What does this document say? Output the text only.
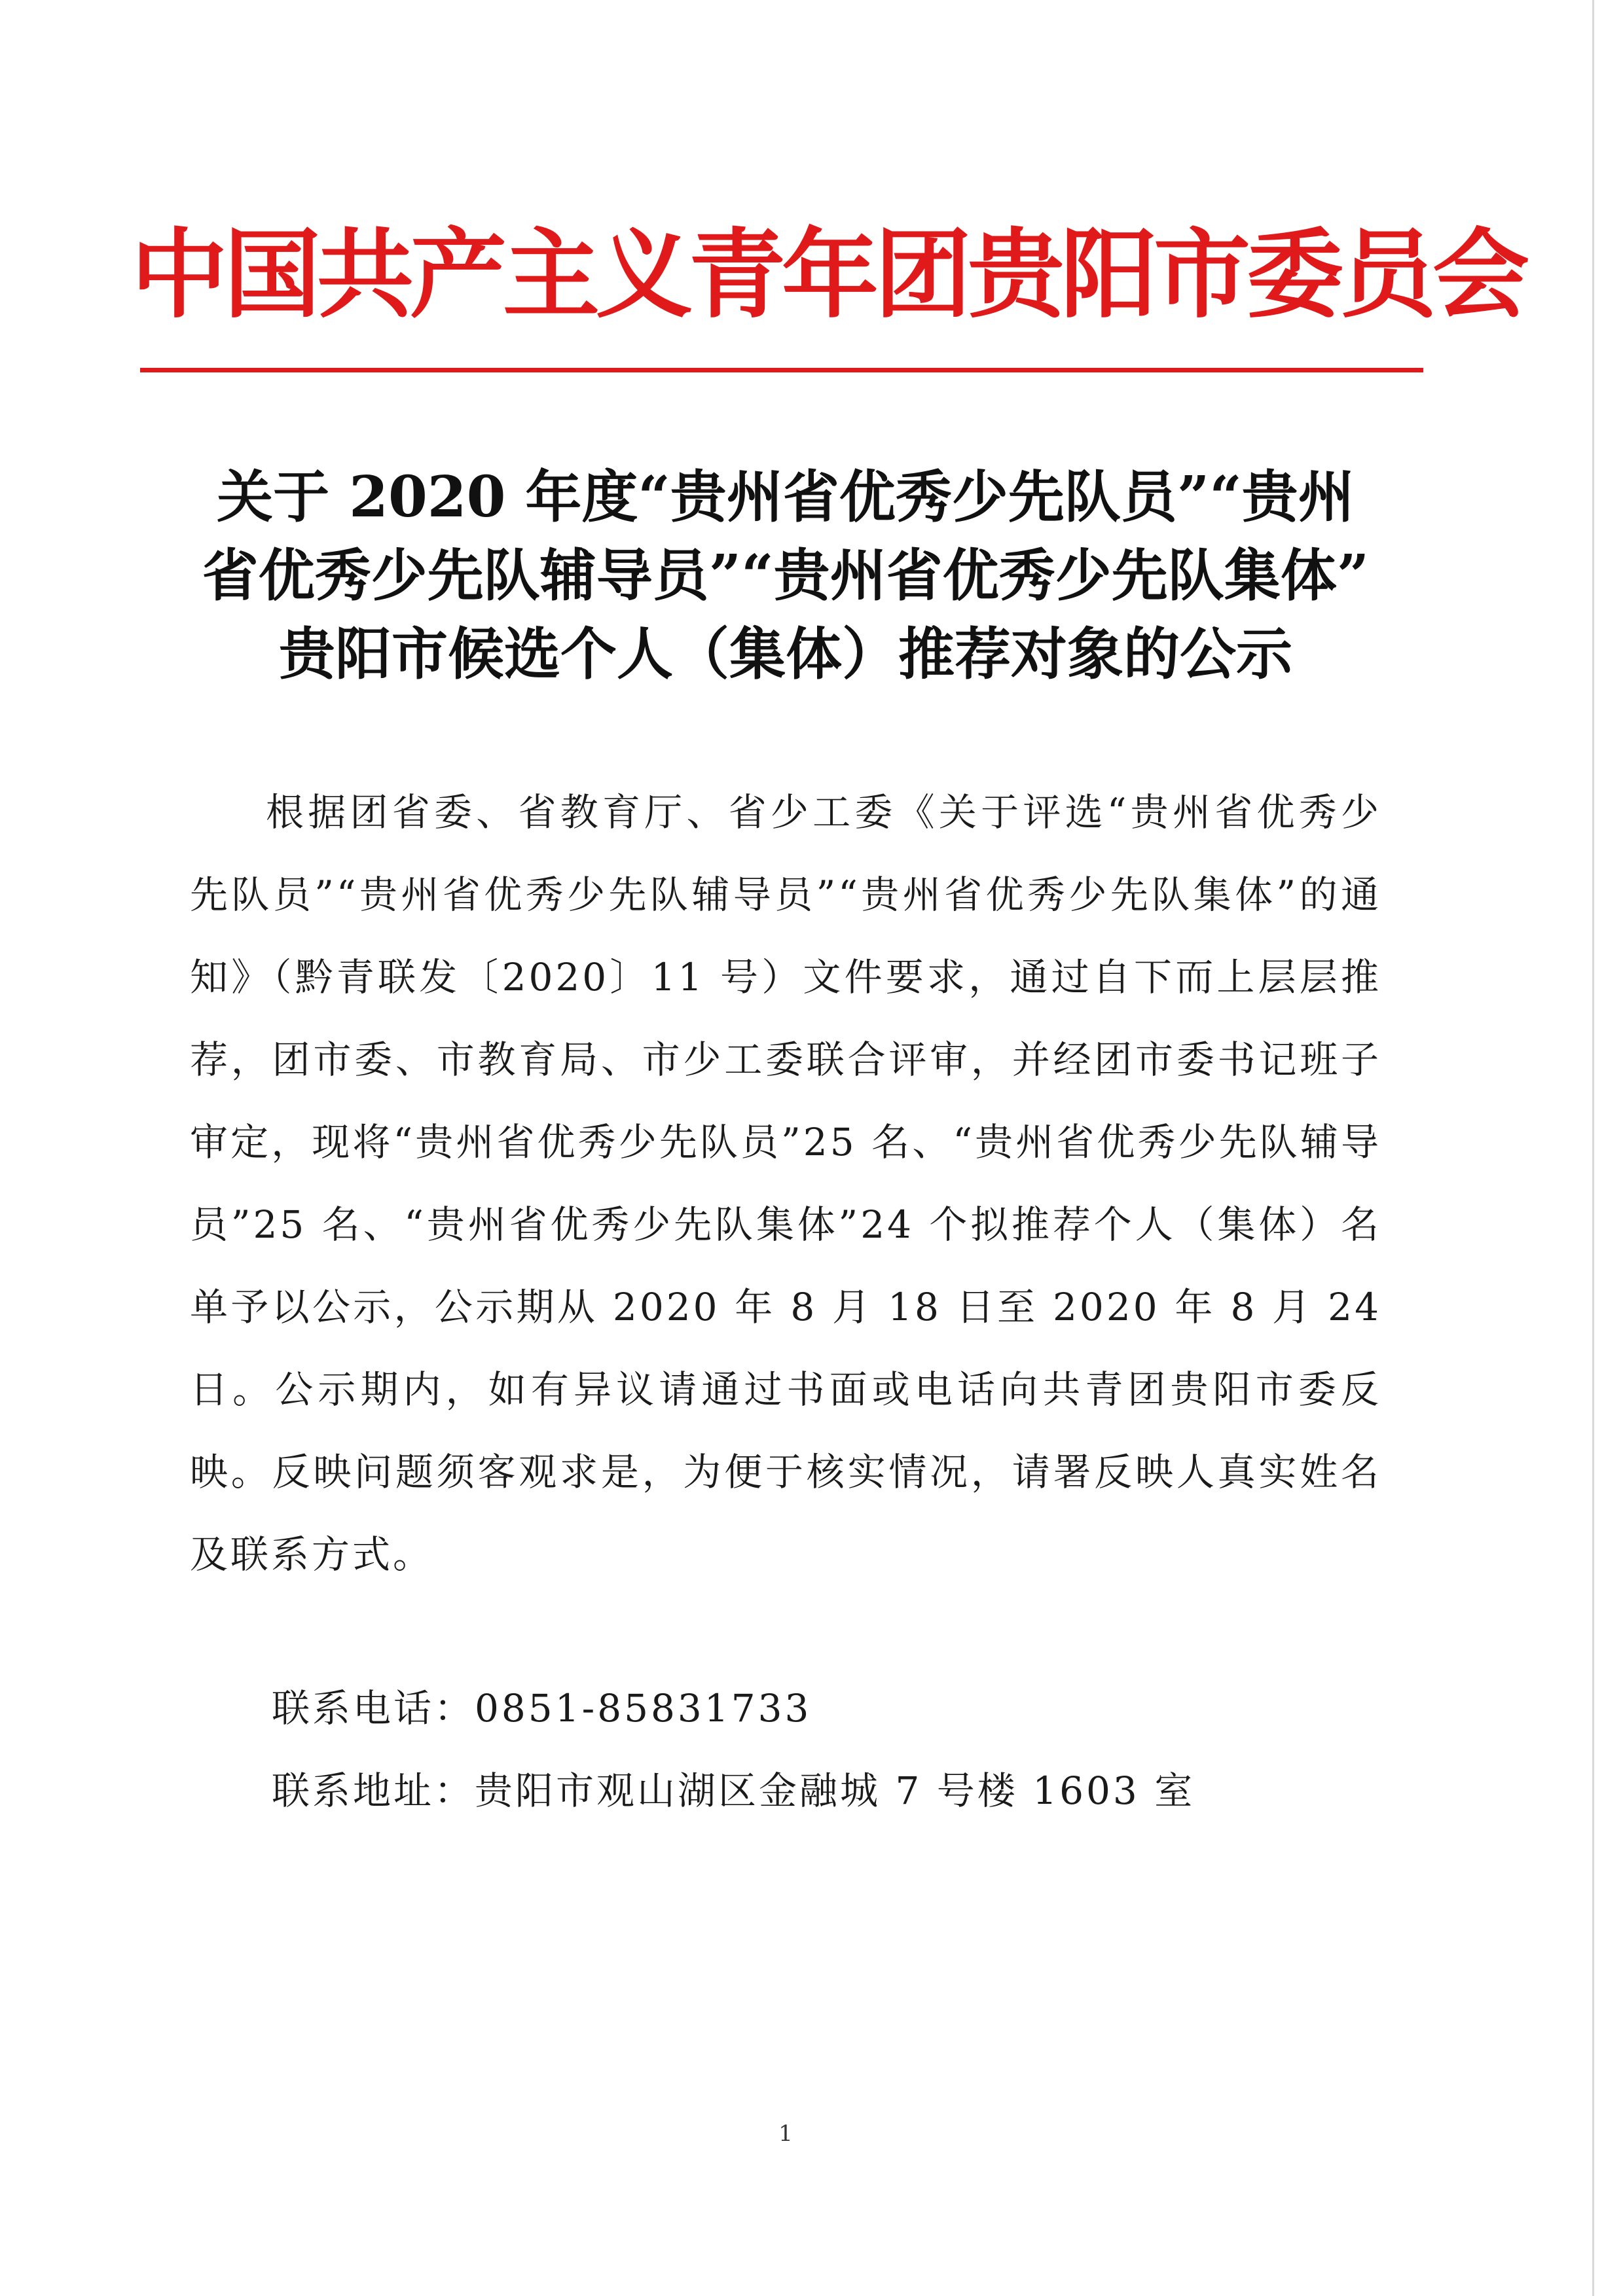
中国共产主义青年团贵阳市委员会
关于 2020 年度“贵州省优秀少先队员”“贵州
省优秀少先队辅导员”“贵州省优秀少先队集体”
贵阳市候选个人（集体）推荐对象的公示
根据团省委、省教育厅、省少工委《关于评选“贵州省优秀少先队员”“贵州省优秀少先队辅导员”“贵州省优秀少先队集体”的通知》（黔青联发〔2020〕11 号）文件要求，通过自下而上层层推荐，团市委、市教育局、市少工委联合评审，并经团市委书记班子审定，现将“贵州省优秀少先队员”25 名、“贵州省优秀少先队辅导员”25 名、“贵州省优秀少先队集体”24 个拟推荐个人（集体）名单予以公示，公示期从 2020 年 8 月 18 日至 2020 年 8 月 24 日。公示期内，如有异议请通过书面或电话向共青团贵阳市委反映。反映问题须客观求是，为便于核实情况，请署反映人真实姓名及联系方式。
联系电话：0851-85831733
联系地址：贵阳市观山湖区金融城 7 号楼 1603 室
1
